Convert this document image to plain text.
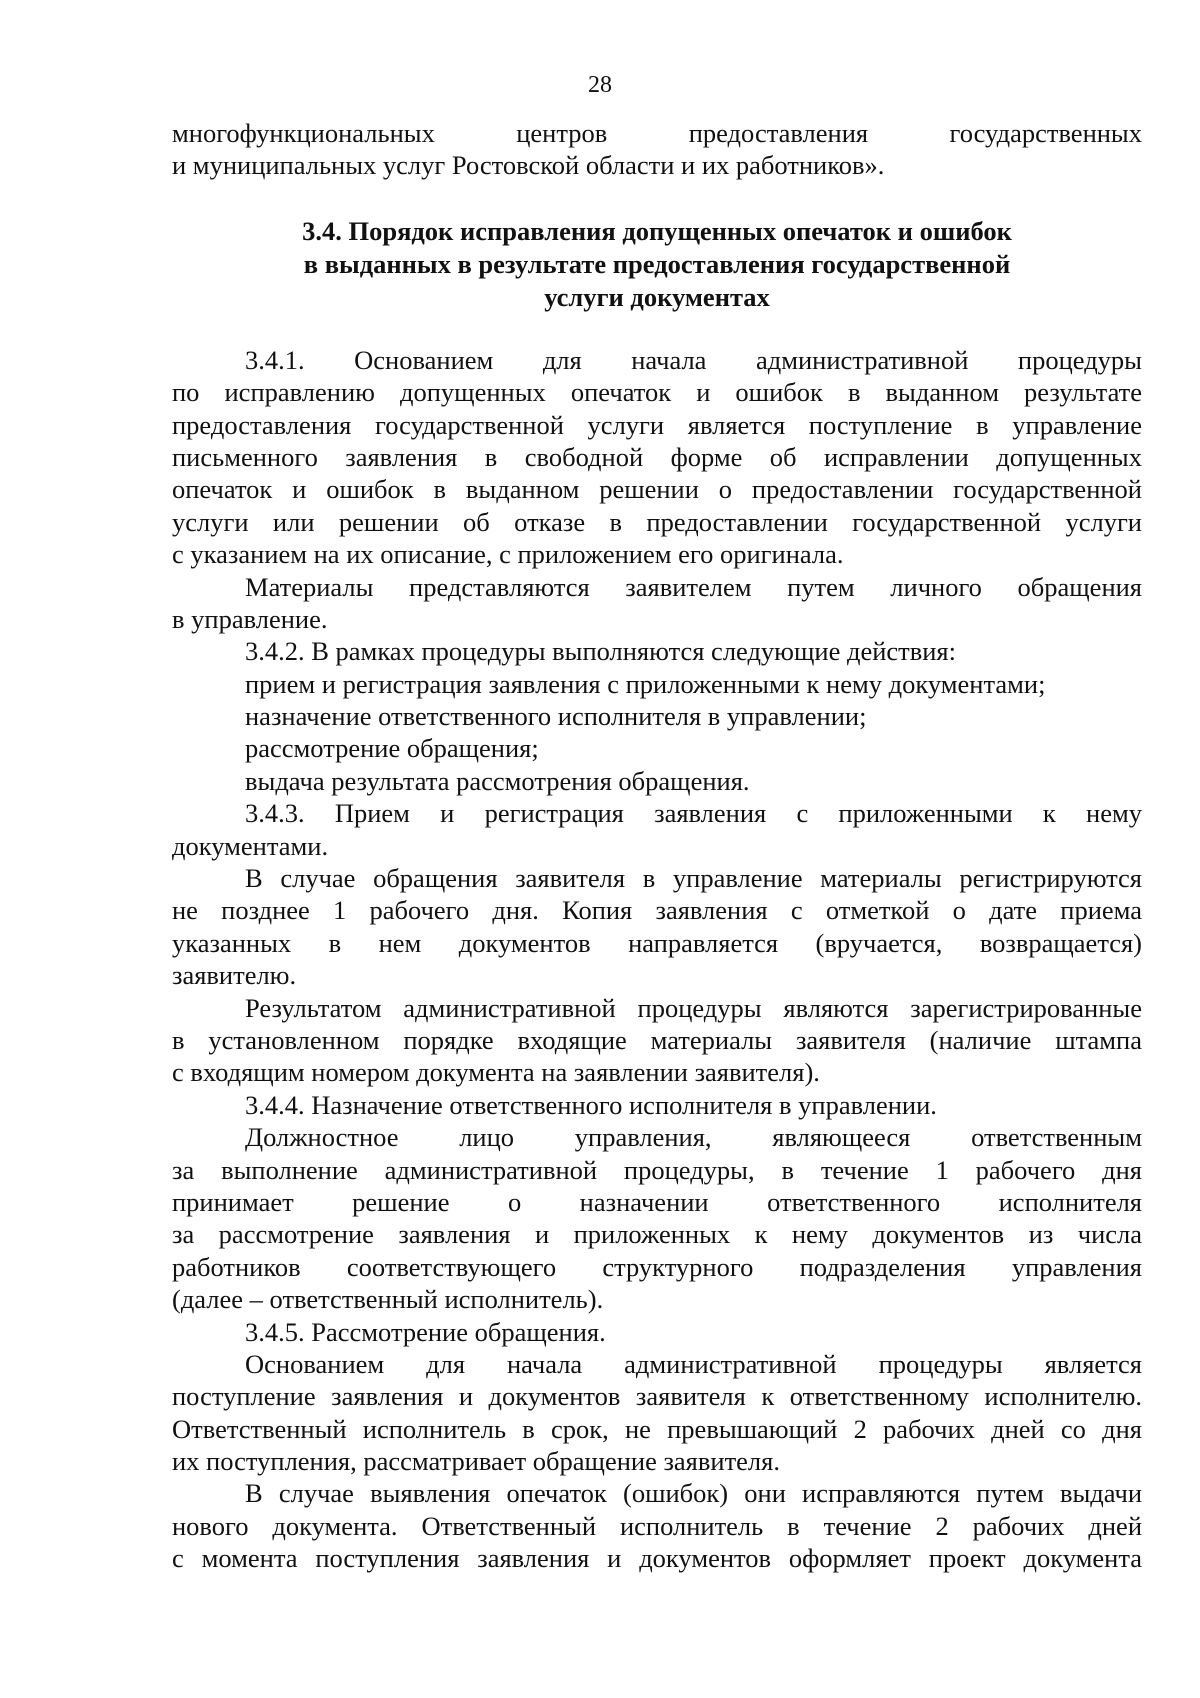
28
многофункциональных центров предоставления государственных
и муниципальных услуг Ростовской области и их работников».
3.4. Порядок исправления допущенных опечаток и ошибок
в выданных в результате предоставления государственной
услуги документах
3.4.1. Основанием для начала административной процедуры
по исправлению допущенных опечаток и ошибок в выданном результате
предоставления государственной услуги является поступление в управление
письменного заявления в свободной форме об исправлении допущенных
опечаток и ошибок в выданном решении о предоставлении государственной
услуги или решении об отказе в предоставлении государственной услуги
с указанием на их описание, с приложением его оригинала.
Материалы представляются заявителем путем личного обращения
в управление.
3.4.2. В рамках процедуры выполняются следующие действия:
прием и регистрация заявления с приложенными к нему документами;
назначение ответственного исполнителя в управлении;
рассмотрение обращения;
выдача результата рассмотрения обращения.
3.4.3. Прием и регистрация заявления с приложенными к нему
документами.
В случае обращения заявителя в управление материалы регистрируются
не позднее 1 рабочего дня. Копия заявления с отметкой о дате приема
указанных в нем документов направляется (вручается, возвращается)
заявителю.
Результатом административной процедуры являются зарегистрированные
в установленном порядке входящие материалы заявителя (наличие штампа
с входящим номером документа на заявлении заявителя).
3.4.4. Назначение ответственного исполнителя в управлении.
Должностное лицо управления, являющееся ответственным
за выполнение административной процедуры, в течение 1 рабочего дня
принимает решение о назначении ответственного исполнителя
за рассмотрение заявления и приложенных к нему документов из числа
работников соответствующего структурного подразделения управления
(далее – ответственный исполнитель).
3.4.5. Рассмотрение обращения.
Основанием для начала административной процедуры является
поступление заявления и документов заявителя к ответственному исполнителю.
Ответственный исполнитель в срок, не превышающий 2 рабочих дней со дня
их поступления, рассматривает обращение заявителя.
В случае выявления опечаток (ошибок) они исправляются путем выдачи
нового документа. Ответственный исполнитель в течение 2 рабочих дней
с момента поступления заявления и документов оформляет проект документа
